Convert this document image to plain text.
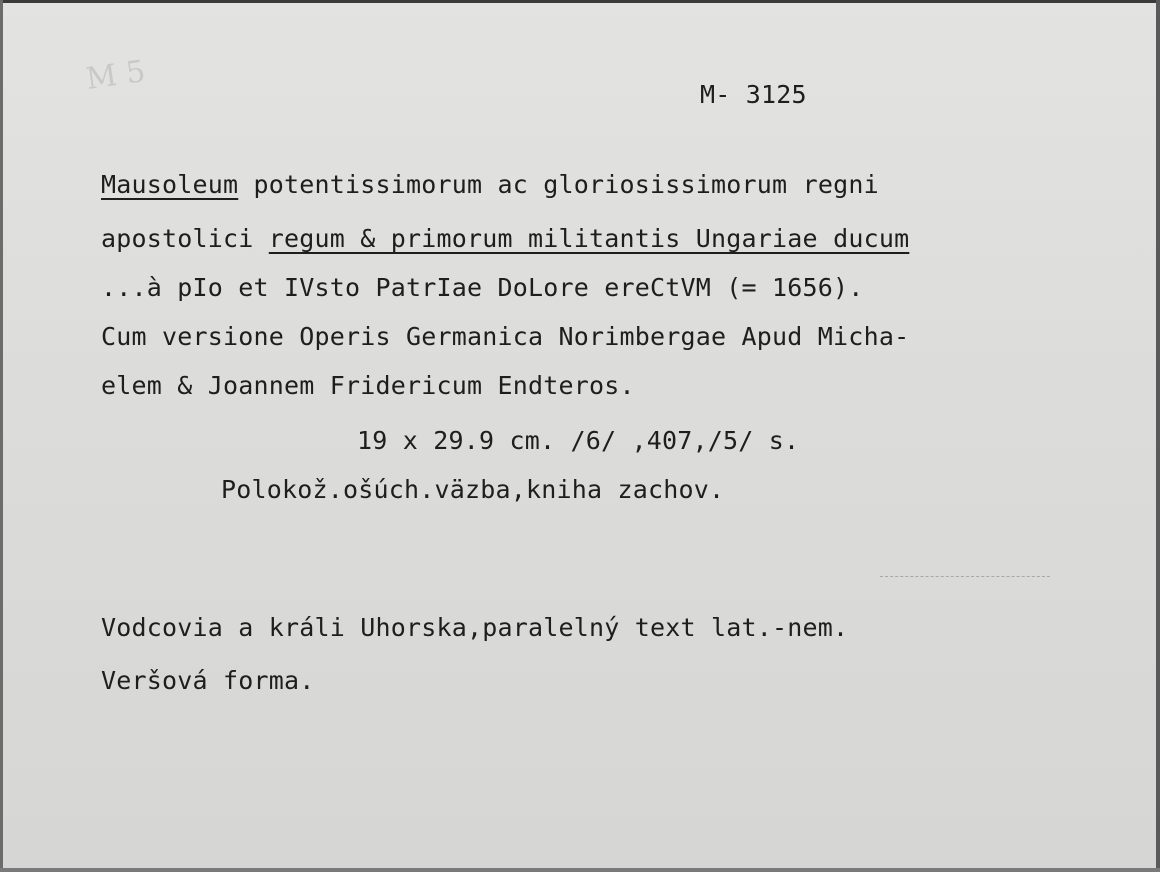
M 5	M- 3125
Mausoleum potentissimorum ac gloriosissimorum regni
apostolici regum & primorum militantis Ungariae ducum
...à pIo et IVsto PatrIae DoLore ereCtVM (= 1656).
Cum versione Operis Germanica Norimbergae Apud Micha-
elem & Joannem Fridericum Endteros.
19 x 29.9 cm. /6/ ,407,/5/ s.
Polokož.ošúch.väzba,kniha zachov.
Vodcovia a králi Uhorska,paralelný text lat.-nem.
Veršová forma.
